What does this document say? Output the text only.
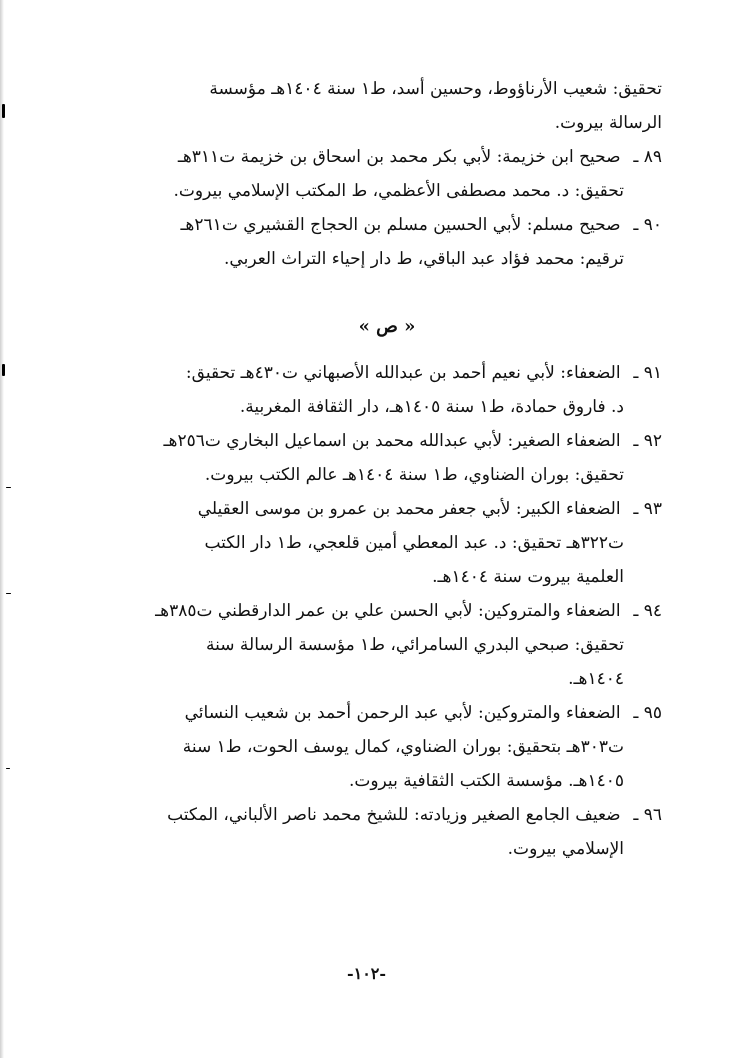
تحقيق: شعيب الأرناؤوط، وحسين أسد، ط١ سنة ١٤٠٤هـ مؤسسة

الرسالة بيروت.

٨٩ ـ صحيح ابن خزيمة: لأبي بكر محمد بن اسحاق بن خزيمة ت٣١١هـ

تحقيق: د. محمد مصطفى الأعظمي، ط المكتب الإسلامي بيروت.

٩٠ ـ صحيح مسلم: لأبي الحسين مسلم بن الحجاج القشيري ت٢٦١هـ

ترقيم: محمد فؤاد عبد الباقي، ط دار إحياء التراث العربي.

« ص »

٩١ ـ الضعفاء: لأبي نعيم أحمد بن عبدالله الأصبهاني ت٤٣٠هـ تحقيق:

د. فاروق حمادة، ط١ سنة ١٤٠٥هـ، دار الثقافة المغربية.

٩٢ ـ الضعفاء الصغير: لأبي عبدالله محمد بن اسماعيل البخاري ت٢٥٦هـ

تحقيق: بوران الضناوي، ط١ سنة ١٤٠٤هـ عالم الكتب بيروت.

٩٣ ـ الضعفاء الكبير: لأبي جعفر محمد بن عمرو بن موسى العقيلي

ت٣٢٢هـ تحقيق: د. عبد المعطي أمين قلعجي، ط١ دار الكتب

العلمية بيروت سنة ١٤٠٤هـ.

٩٤ ـ الضعفاء والمتروكين: لأبي الحسن علي بن عمر الدارقطني ت٣٨٥هـ

تحقيق: صبحي البدري السامرائي، ط١ مؤسسة الرسالة سنة

١٤٠٤هـ.

٩٥ ـ الضعفاء والمتروكين: لأبي عبد الرحمن أحمد بن شعيب النسائي

ت٣٠٣هـ بتحقيق: بوران الضناوي، كمال يوسف الحوت، ط١ سنة

١٤٠٥هـ. مؤسسة الكتب الثقافية بيروت.

٩٦ ـ ضعيف الجامع الصغير وزيادته: للشيخ محمد ناصر الألباني، المكتب

الإسلامي بيروت.

-١٠٢-
